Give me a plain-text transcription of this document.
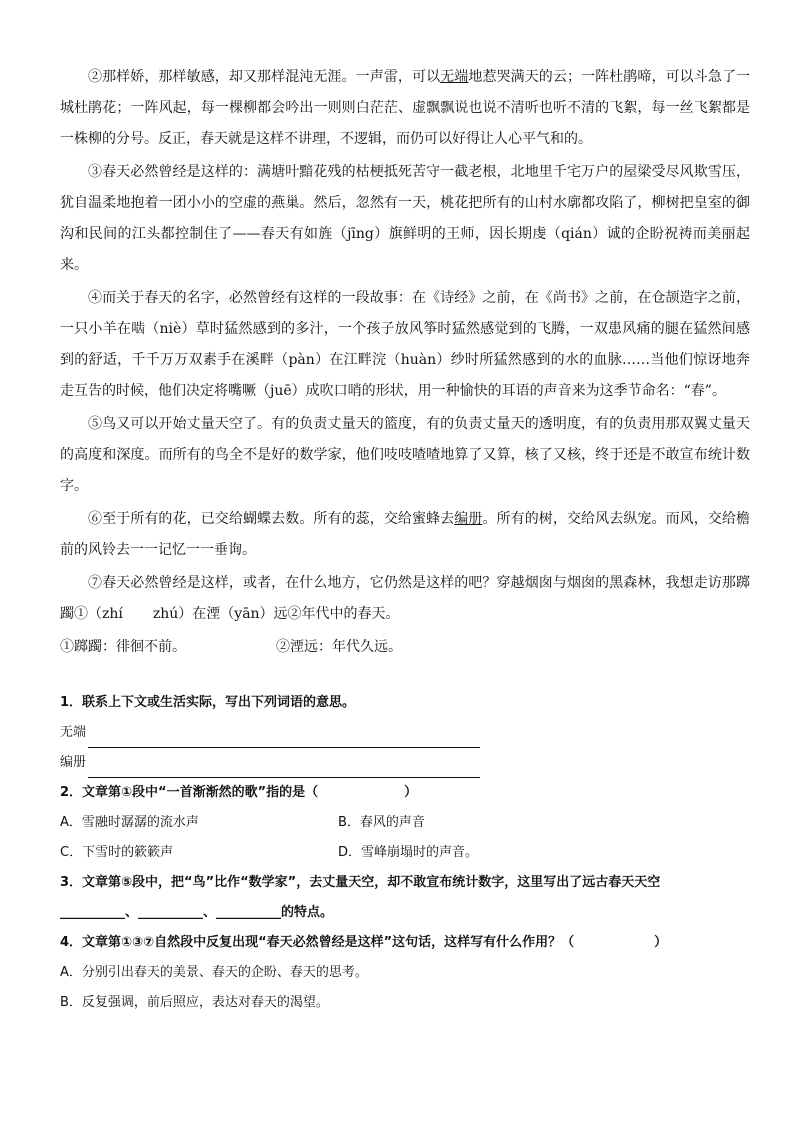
②那样娇，那样敏感，却又那样混沌无涯。一声雷，可以无端地惹哭满天的云；一阵杜鹃啼，可以斗急了一城杜鹃花；一阵风起，每一棵柳都会吟出一则则白茫茫、虚飘飘说也说不清听也听不清的飞絮，每一丝飞絮都是一株柳的分号。反正，春天就是这样不讲理，不逻辑，而仍可以好得让人心平气和的。

③春天必然曾经是这样的：满塘叶黯花残的枯梗抵死苦守一截老根，北地里千宅万户的屋梁受尽风欺雪压，犹自温柔地抱着一团小小的空虚的燕巢。然后，忽然有一天，桃花把所有的山村水廓都攻陷了，柳树把皇室的御沟和民间的江头都控制住了——春天有如旌（jīng）旗鲜明的王师，因长期虔（qián）诚的企盼祝祷而美丽起来。

④而关于春天的名字，必然曾经有这样的一段故事：在《诗经》之前，在《尚书》之前，在仓颉造字之前，一只小羊在啮（niè）草时猛然感到的多汁，一个孩子放风筝时猛然感觉到的飞腾，一双患风痛的腿在猛然间感到的舒适，千千万万双素手在溪畔（pàn）在江畔浣（huàn）纱时所猛然感到的水的血脉……当他们惊讶地奔走互告的时候，他们决定将嘴噘（juē）成吹口哨的形状，用一种愉快的耳语的声音来为这季节命名：“春”。

⑤鸟又可以开始丈量天空了。有的负责丈量天的篮度，有的负责丈量天的透明度，有的负责用那双翼丈量天的高度和深度。而所有的鸟全不是好的数学家，他们吱吱喳喳地算了又算，核了又核，终于还是不敢宣布统计数字。

⑥至于所有的花，已交给蝴蝶去数。所有的蕊，交给蜜蜂去编册。所有的树，交给风去纵宠。而风，交给檐前的风铃去一一记忆一一垂询。

⑦春天必然曾经是这样，或者，在什么地方，它仍然是这样的吧？穿越烟囱与烟囱的黑森林，我想走访那踯躅①（zhí zhú）在湮（yān）远②年代中的春天。

①踯躅：徘徊不前。	②湮远：年代久远。

1．联系上下文或生活实际，写出下列词语的意思。

无端

编册

2．文章第①段中“一首渐渐然的歌”指的是（	）

A．雪融时潺潺的流水声	B．春风的声音

C．下雪时的簌簌声	D．雪峰崩塌时的声音。

3．文章第⑤段中，把“鸟”比作“数学家”，去丈量天空，却不敢宣布统计数字，这里写出了远古春天天空

__________、__________、__________的特点。

4．文章第①③⑦自然段中反复出现“春天必然曾经是这样”这句话，这样写有什么作用？（	）

A．分别引出春天的美景、春天的企盼、春天的思考。

B．反复强调，前后照应，表达对春天的渴望。
